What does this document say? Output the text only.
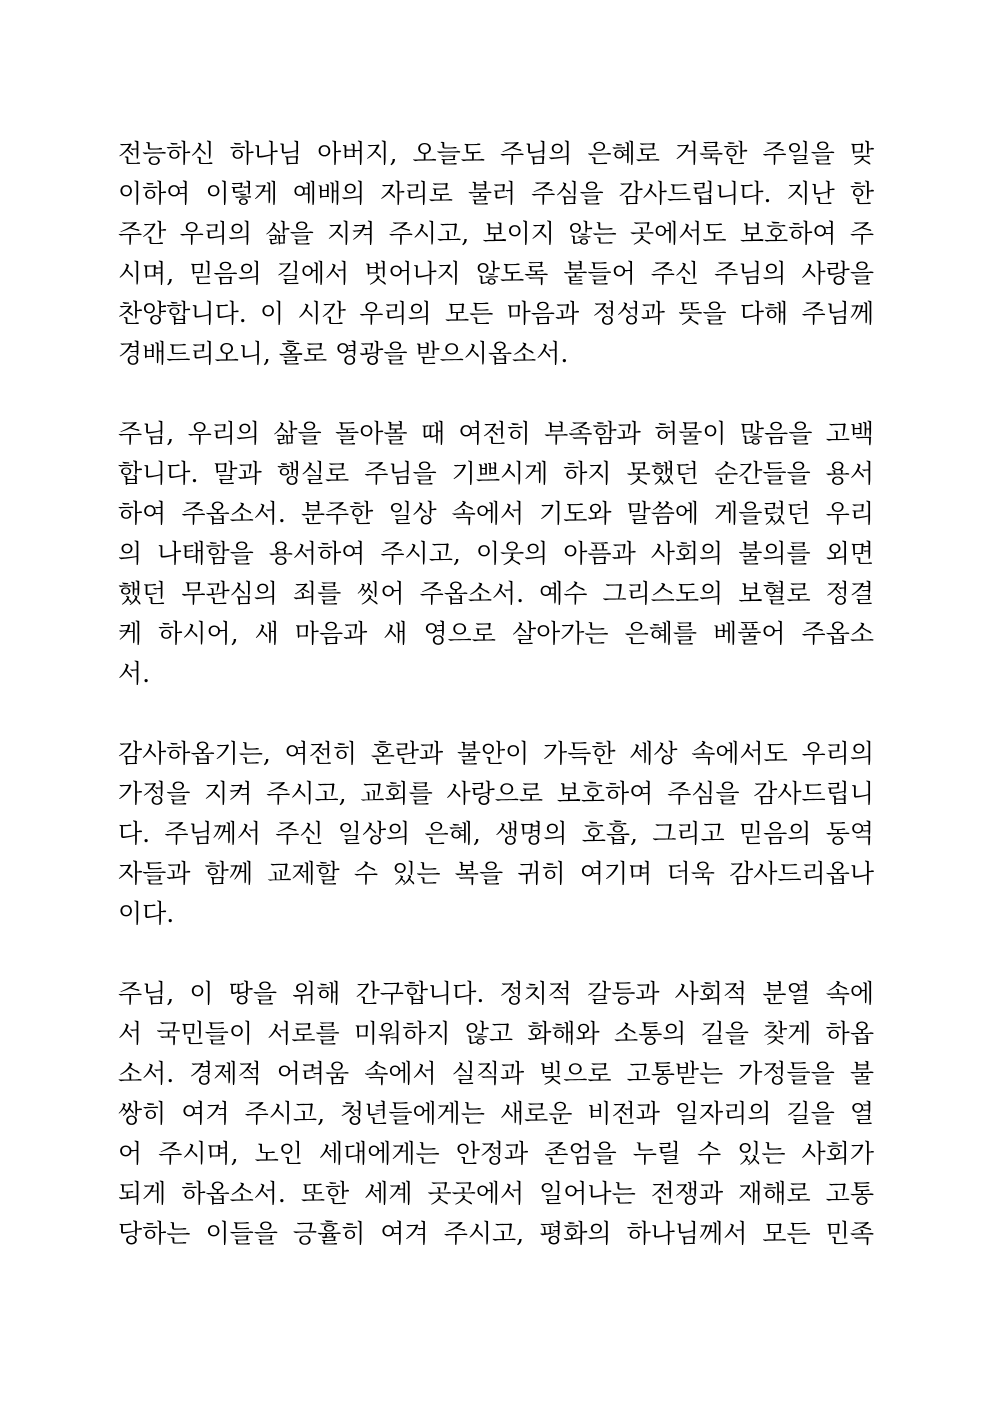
전능하신 하나님 아버지, 오늘도 주님의 은혜로 거룩한 주일을 맞
이하여 이렇게 예배의 자리로 불러 주심을 감사드립니다. 지난 한
주간 우리의 삶을 지켜 주시고, 보이지 않는 곳에서도 보호하여 주
시며, 믿음의 길에서 벗어나지 않도록 붙들어 주신 주님의 사랑을
찬양합니다. 이 시간 우리의 모든 마음과 정성과 뜻을 다해 주님께
경배드리오니, 홀로 영광을 받으시옵소서.
주님, 우리의 삶을 돌아볼 때 여전히 부족함과 허물이 많음을 고백
합니다. 말과 행실로 주님을 기쁘시게 하지 못했던 순간들을 용서
하여 주옵소서. 분주한 일상 속에서 기도와 말씀에 게을렀던 우리
의 나태함을 용서하여 주시고, 이웃의 아픔과 사회의 불의를 외면
했던 무관심의 죄를 씻어 주옵소서. 예수 그리스도의 보혈로 정결
케 하시어, 새 마음과 새 영으로 살아가는 은혜를 베풀어 주옵소
서.
감사하옵기는, 여전히 혼란과 불안이 가득한 세상 속에서도 우리의
가정을 지켜 주시고, 교회를 사랑으로 보호하여 주심을 감사드립니
다. 주님께서 주신 일상의 은혜, 생명의 호흡, 그리고 믿음의 동역
자들과 함께 교제할 수 있는 복을 귀히 여기며 더욱 감사드리옵나
이다.
주님, 이 땅을 위해 간구합니다. 정치적 갈등과 사회적 분열 속에
서 국민들이 서로를 미워하지 않고 화해와 소통의 길을 찾게 하옵
소서. 경제적 어려움 속에서 실직과 빚으로 고통받는 가정들을 불
쌍히 여겨 주시고, 청년들에게는 새로운 비전과 일자리의 길을 열
어 주시며, 노인 세대에게는 안정과 존엄을 누릴 수 있는 사회가
되게 하옵소서. 또한 세계 곳곳에서 일어나는 전쟁과 재해로 고통
당하는 이들을 긍휼히 여겨 주시고, 평화의 하나님께서 모든 민족
